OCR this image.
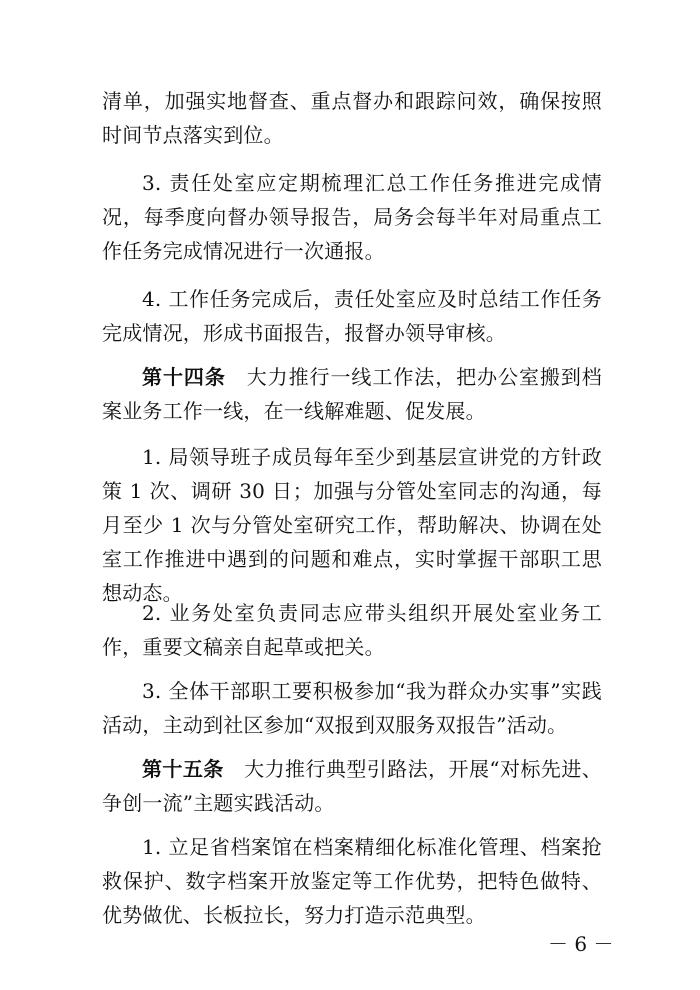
清单，加强实地督查、重点督办和跟踪问效，确保按照时间节点落实到位。

3. 责任处室应定期梳理汇总工作任务推进完成情况，每季度向督办领导报告，局务会每半年对局重点工作任务完成情况进行一次通报。

4. 工作任务完成后，责任处室应及时总结工作任务完成情况，形成书面报告，报督办领导审核。

第十四条　大力推行一线工作法，把办公室搬到档案业务工作一线，在一线解难题、促发展。

1. 局领导班子成员每年至少到基层宣讲党的方针政策 1 次、调研 30 日；加强与分管处室同志的沟通，每月至少 1 次与分管处室研究工作，帮助解决、协调在处室工作推进中遇到的问题和难点，实时掌握干部职工思想动态。

2. 业务处室负责同志应带头组织开展处室业务工作，重要文稿亲自起草或把关。

3. 全体干部职工要积极参加“我为群众办实事”实践活动，主动到社区参加“双报到双服务双报告”活动。

第十五条　大力推行典型引路法，开展“对标先进、争创一流”主题实践活动。

1. 立足省档案馆在档案精细化标准化管理、档案抢救保护、数字档案开放鉴定等工作优势，把特色做特、优势做优、长板拉长，努力打造示范典型。

－ 6 －
